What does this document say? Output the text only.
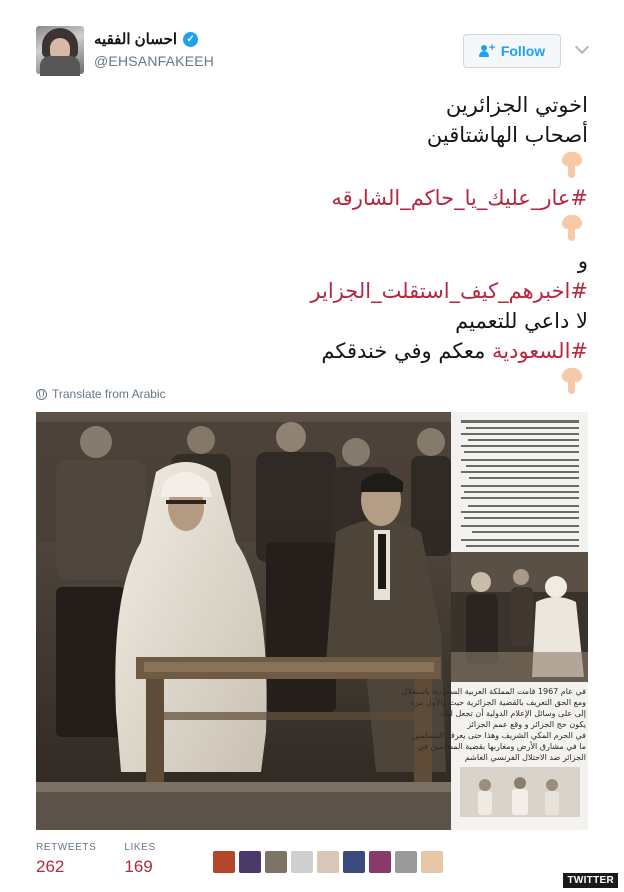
احسان الفقيه ✓
@EHSANFAKEEH
+ Follow
اخوتي الجزائرين
أصحاب الهاشتاقين
#عار_عليك_يا_حاكم_الشارقه
و
#اخبرهم_كيف_استقلت_الجزاير
لا داعي للتعميم
#السعودية معكم وفي خندقكم
Translate from Arabic
في عام 1967 قامت المملكة العربية السعودية باستقلال
ومع الحق التعريف بالقضية الجزائرية حيث والأول مرة
إلى على وسائل الإعلام الدولية أن تجعل لبلاد
يكون حج الجزائر و وقع عمم الجزائر
في الحرم المكي الشريف وهذا حتى يعرف المسلمين
ما في مشارق الأرض ومغاربها بقضية المسلمين في
الجزائر ضد الاحتلال الفرنسي الغاشم
RETWEETS
262
LIKES
169
TWITTER
